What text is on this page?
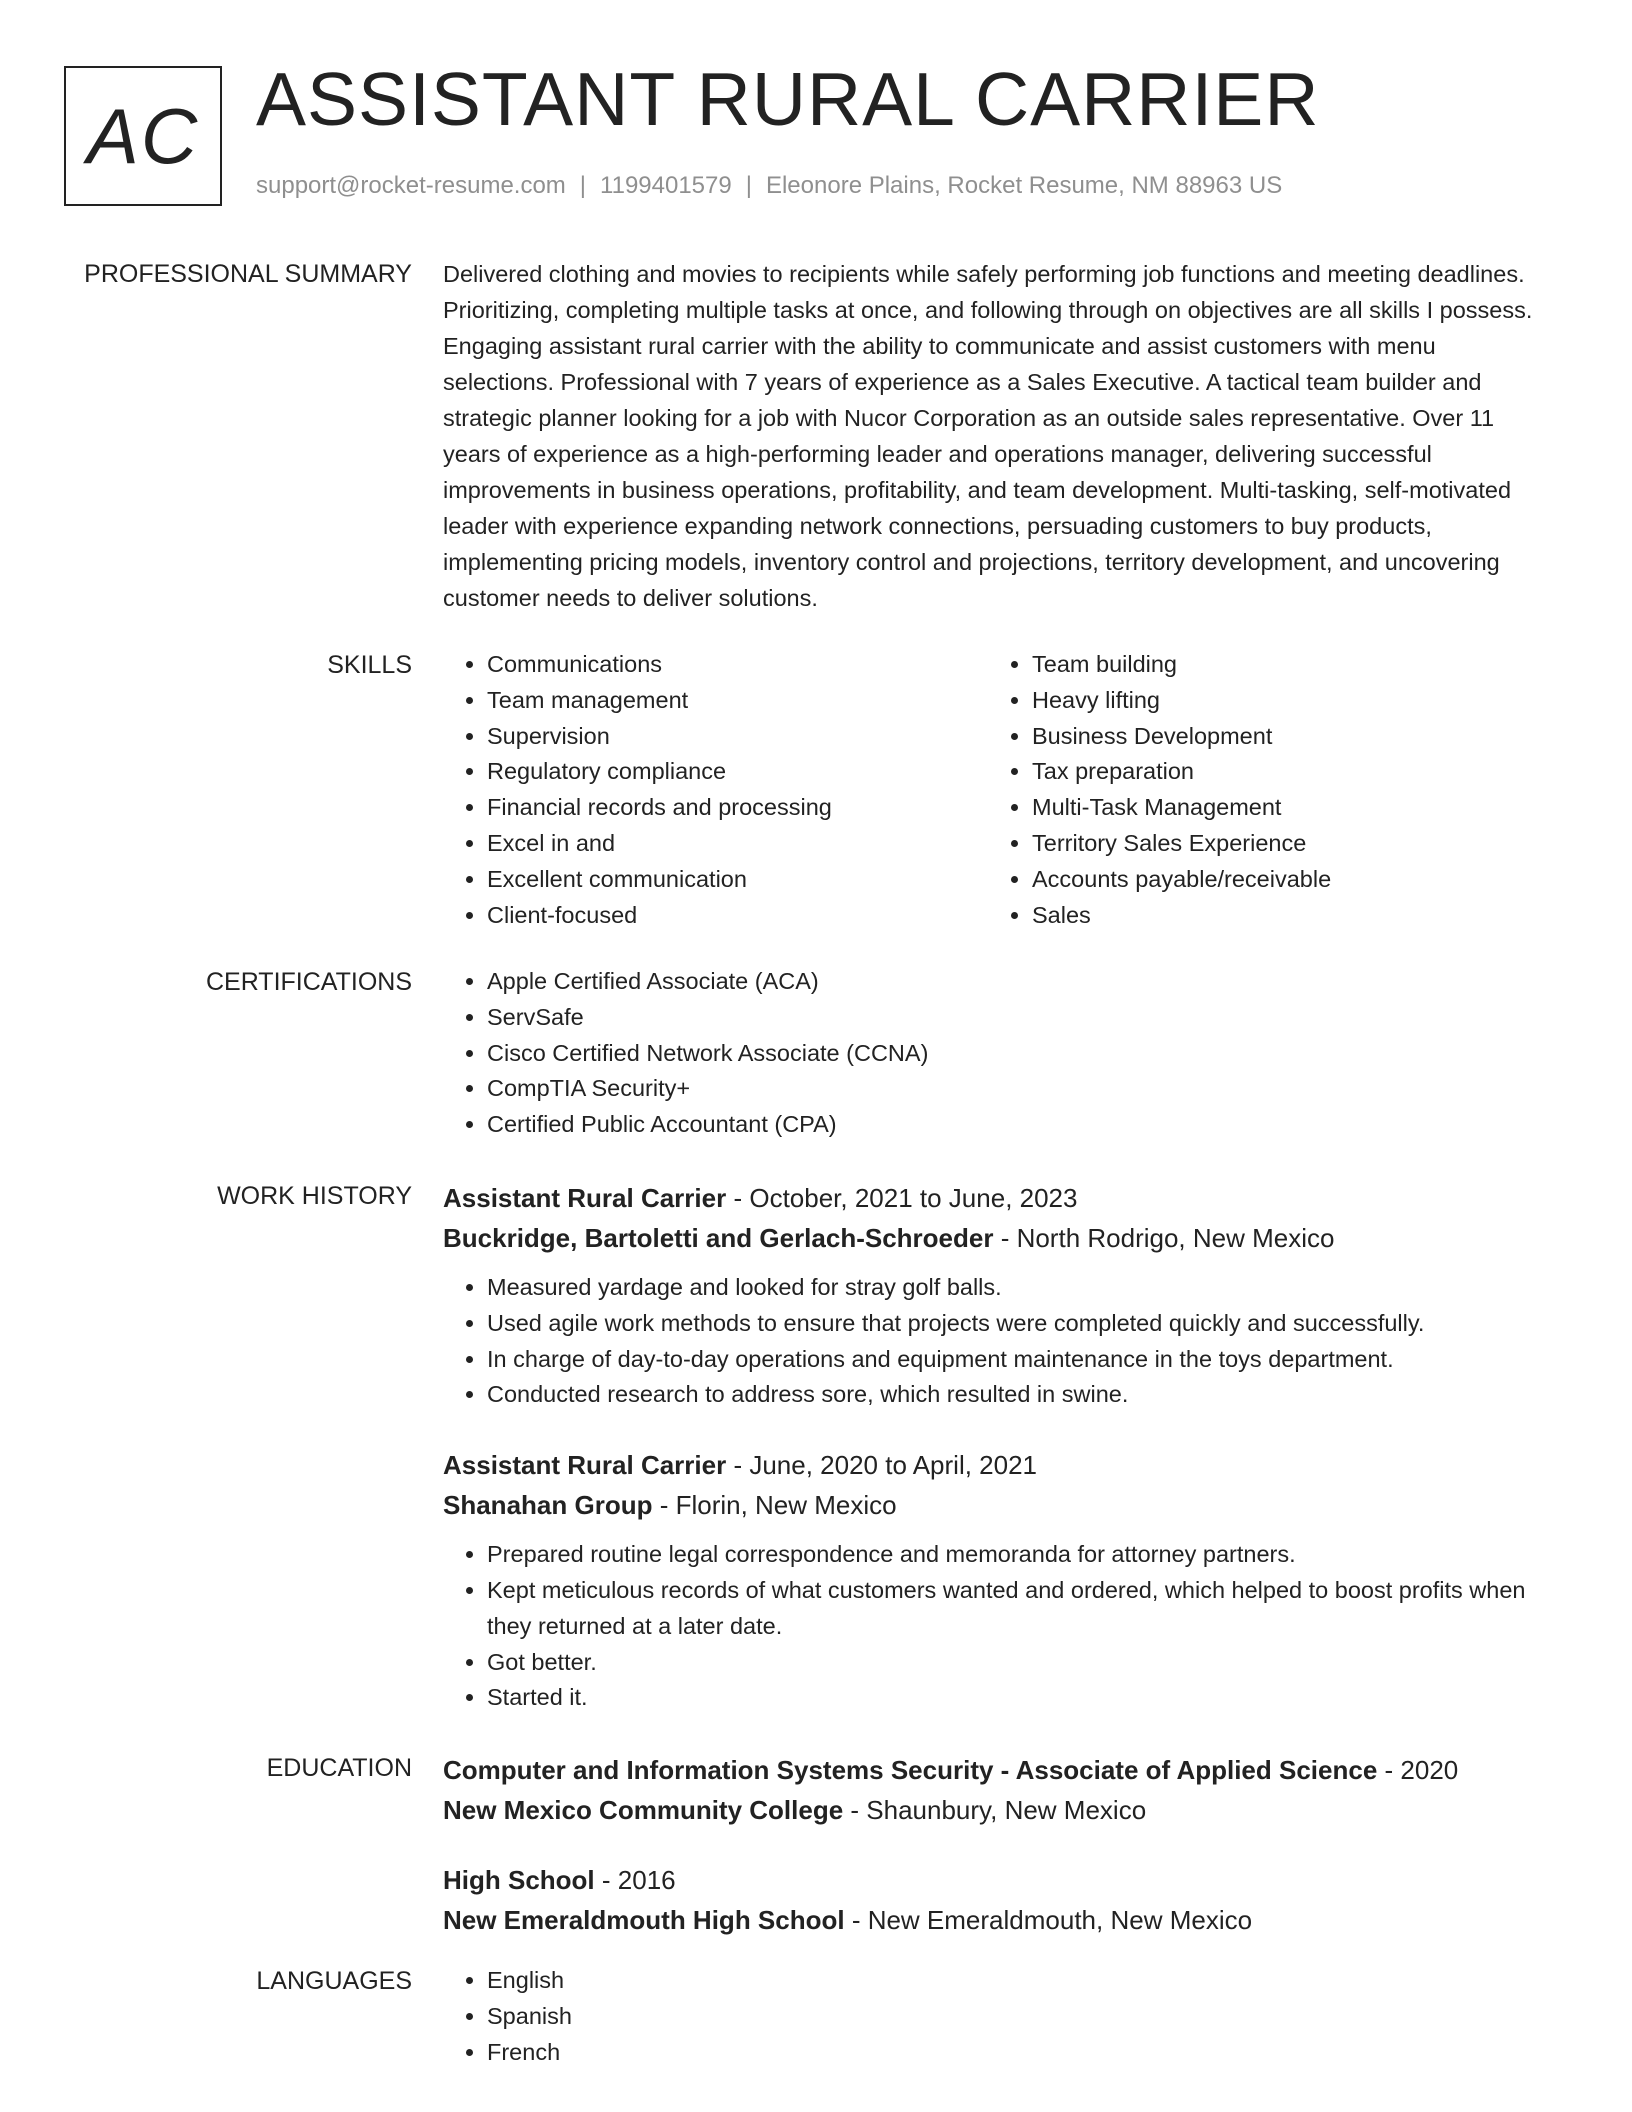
AC ASSISTANT RURAL CARRIER
support@rocket-resume.com | 1199401579 | Eleonore Plains, Rocket Resume, NM 88963 US
PROFESSIONAL SUMMARY Delivered clothing and movies to recipients while safely performing job functions and meeting deadlines. Prioritizing, completing multiple tasks at once, and following through on objectives are all skills I possess. Engaging assistant rural carrier with the ability to communicate and assist customers with menu selections. Professional with 7 years of experience as a Sales Executive. A tactical team builder and strategic planner looking for a job with Nucor Corporation as an outside sales representative. Over 11 years of experience as a high-performing leader and operations manager, delivering successful improvements in business operations, profitability, and team development. Multi-tasking, self-motivated leader with experience expanding network connections, persuading customers to buy products, implementing pricing models, inventory control and projections, territory development, and uncovering customer needs to deliver solutions.

SKILLS	• Communications
• Team management
• Supervision
• Regulatory compliance
• Financial records and processing
• Excel in and
• Excellent communication
• Client-focused
• Team building
• Heavy lifting
• Business Development
• Tax preparation
• Multi-Task Management
• Territory Sales Experience
• Accounts payable/receivable
• Sales
CERTIFICATIONS	• Apple Certified Associate (ACA)
• ServSafe
• Cisco Certified Network Associate (CCNA)
• CompTIA Security+
• Certified Public Accountant (CPA)
WORK HISTORY Assistant Rural Carrier - October, 2021 to June, 2023
Buckridge, Bartoletti and Gerlach-Schroeder - North Rodrigo, New Mexico
• Measured yardage and looked for stray golf balls.
• Used agile work methods to ensure that projects were completed quickly and successfully.
• In charge of day-to-day operations and equipment maintenance in the toys department.
• Conducted research to address sore, which resulted in swine.
Assistant Rural Carrier - June, 2020 to April, 2021
Shanahan Group - Florin, New Mexico
• Prepared routine legal correspondence and memoranda for attorney partners.
• Kept meticulous records of what customers wanted and ordered, which helped to boost profits when they returned at a later date.
• Got better.
• Started it.
EDUCATION Computer and Information Systems Security - Associate of Applied Science - 2020
New Mexico Community College - Shaunbury, New Mexico
High School - 2016
New Emeraldmouth High School - New Emeraldmouth, New Mexico
LANGUAGES	• English
• Spanish
• French
